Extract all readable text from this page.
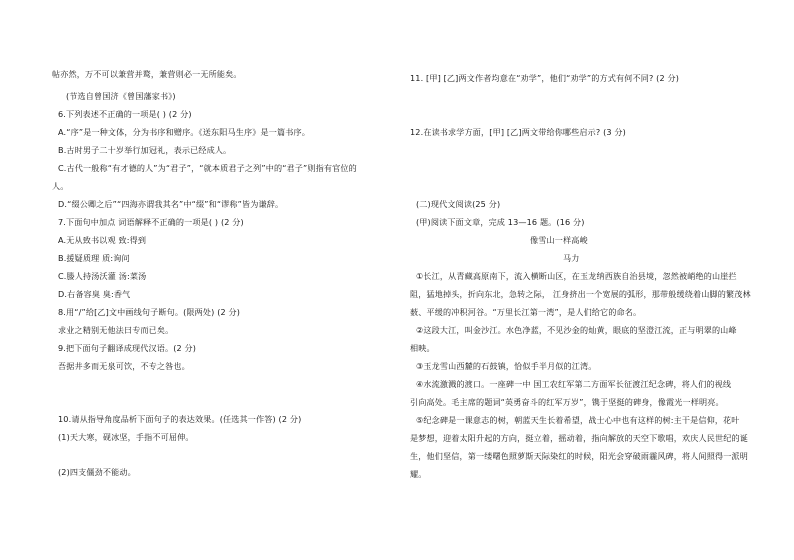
帖亦然，万不可以兼营并鹜，兼营则必一无所能矣。
(节选自曾国济《曾国藩家书》)
6.下列表述不正确的一项是( ) (2 分)
A.“序”是一种文体，分为书序和赠序。《送东阳马生序》是一篇书序。
B.古时男子二十岁举行加冠礼，表示已经成人。
C.古代一般称“有才德的人”为“君子”，“就本质君子之列”中的“君子”则指有官位的
人。
D.“缀公卿之后”“四海亦谓我其名”中“缀”和“谬称”皆为谦辞。
7.下面句中加点 词语解释不正确的一项是( ) (2 分)
A.无从致书以观 致:得到
B.援疑质理 质:询问
C.媵人持汤沃灌 汤:菜汤
D.右备容臭 臭:香气
8.用“/”给[乙]文中画线句子断句。(限两处) (2 分)
求业之精别无他法曰专而已矣。
9.把下面句子翻译成现代汉语。(2 分)
吾据井多而无泉可饮，不专之咎也。
10.请从指导角度品析下面句子的表达效果。(任选其一作答) (2 分)
(1)天大寒，砚冰坚，手指不可屈伸。
(2)四支僵劲不能动。
11. [甲] [乙]两文作者均意在“劝学”，他们“劝学”的方式有何不同? (2 分)
12.在读书求学方面，[甲] [乙]两文带给你哪些启示? (3 分)
(二)现代文阅读(25 分)
(甲)阅读下面文章，完成 13—16 题。(16 分)
像雪山一样高峻
马力
①长江，从青藏高原南下，流入横断山区，在玉龙纳西族自治县境，忽然被峭绝的山崖拦
阻，猛地掉头，折向东北，急转之际， 江身挤出一个宽展的弧形，那带般缓绕着山脚的繁茂林
薮、平缓的冲积河谷。“万里长江第一湾”，是人们给它的命名。
②这段大江，叫金沙江。水色净蓝，不见沙金的灿黄，眼底的坚澄江流，正与明翠的山峰
相映。
③玉龙雪山西麓的石鼓镇，恰似手半月似的江湾。
④水流激溅的渡口。一座碑一中 国工农红军第二方面军长征渡江纪念碑，将人们的视线
引向高处。毛主席的题词“英勇奋斗的红军万岁”，镌于坚挺的碑身，像霞光一样明亮。
⑤纪念碑是一课意志的树，朝蓝天生长着希望，战士心中也有这样的树:主干是信仰，花叶
是梦想，迎着太阳升起的方向，挺立着，摇动着，指向解放的天空下歌唱，欢庆人民世纪的诞
生，他们坚信，第一缕曙色照萝斯天际染红的时候，阳光会穿破雨霾风碑，将人间照得一派明
耀。
